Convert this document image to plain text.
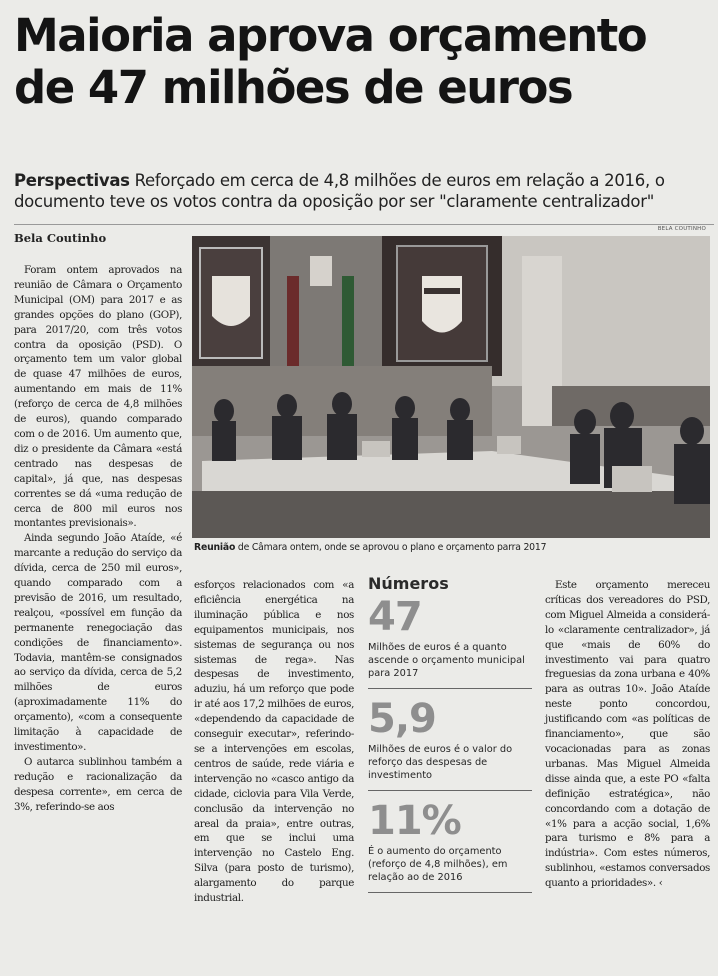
Maioria aprova orçamento
de 47 milhões de euros
Perspectivas Reforçado em cerca de 4,8 milhões de euros em relação a 2016, o documento teve os votos contra da oposição por ser "claramente centralizador"
Bela Coutinho
BELA COUTINHO

Foram ontem aprovados na reunião de Câmara o Orçamento Municipal (OM) para 2017 e as grandes opções do plano (GOP), para 2017/20, com três votos contra da oposição (PSD). O orçamento tem um valor global de quase 47 milhões de euros, aumentando em mais de 11% (reforço de cerca de 4,8 milhões de euros), quando comparado com o de 2016. Um aumento que, diz o presidente da Câmara «está centrado nas despesas de capital», já que, nas despesas correntes se dá «uma redução de cerca de 800 mil euros nos montantes previsionais».

Ainda segundo João Ataíde, «é marcante a redução do serviço da dívida, cerca de 250 mil euros», quando comparado com a previsão de 2016, um resultado, realçou, «possível em função da permanente renegociação das condições de financiamento». Todavia, mantêm-se consignados ao serviço da dívida, cerca de 5,2 milhões de euros (aproximadamente 11% do orçamento), «com a consequente limitação à capacidade de investimento».

O autarca sublinhou também a redução e racionalização da despesa corrente», em cerca de 3%, referindo-se aos

Reunião de Câmara ontem, onde se aprovou o plano e orçamento parra 2017

esforços relacionados com «a eficiência energética na iluminação pública e nos equipamentos municipais, nos sistemas de segurança ou nos sistemas de rega». Nas despesas de investimento, aduziu, há um reforço que pode ir até aos 17,2 milhões de euros, «dependendo da capacidade de conseguir executar», referindo-se a intervenções em escolas, centros de saúde, rede viária e intervenção no «casco antigo da cidade, ciclovia para Vila Verde, conclusão da intervenção no areal da praia», entre outras, em que se inclui uma intervenção no Castelo Eng. Silva (para posto de turismo), alargamento do parque industrial.

Números
47
Milhões de euros é a quanto ascende o orçamento municipal para 2017
5,9
Milhões de euros é o valor do reforço das despesas de investimento
11%
É o aumento do orçamento (reforço de 4,8 milhões), em relação ao de 2016

Este orçamento mereceu críticas dos vereadores do PSD, com Miguel Almeida a considerá-lo «claramente centralizador», já que «mais de 60% do investimento vai para quatro freguesias da zona urbana e 40% para as outras 10». João Ataíde neste ponto concordou, justificando com «as políticas de financiamento», que são vocacionadas para as zonas urbanas. Mas Miguel Almeida disse ainda que, a este PO «falta definição estratégica», não concordando com a dotação de «1% para a acção social, 1,6% para turismo e 8% para a indústria». Com estes números, sublinhou, «estamos conversados quanto a prioridades». ‹
